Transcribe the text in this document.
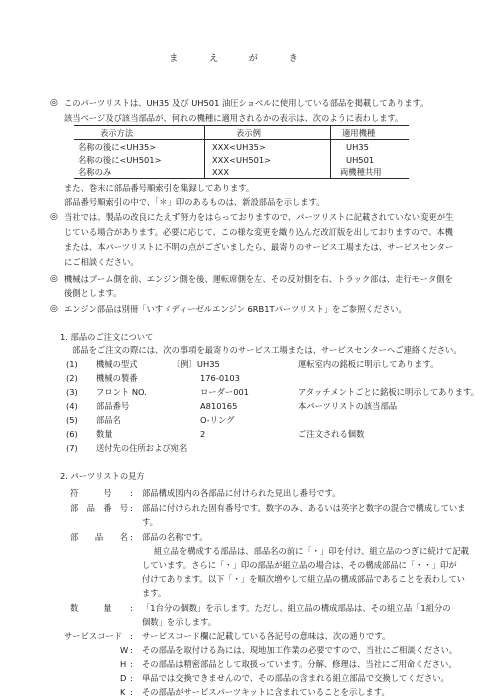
ま え が き
◎ このパーツリストは、UH35 及び UH501 油圧ショベルに使用している部品を掲載してあります。
該当ページ及び該当部品が、何れの機種に適用されるかの表示は、次のように表わします。
表示方法	表示例	適用機種
名称の後に<UH35>	XXX<UH35>	UH35
名称の後に<UH501>	XXX<UH501>	UH501
名称のみ	XXX	両機種共用
また、巻末に部品番号順索引を集録してあります。
部品番号順索引の中で、「＊」印のあるものは、新設部品を示します。
◎ 当社では、製品の改良にたえず努力をはらっておりますので、パーツリストに記載されていない変更が生
じている場合があります。必要に応じて、この様な変更を織り込んだ改訂版を出しておりますので、本機
または、本パーツリストに不明の点がございましたら、最寄りのサービス工場または、サービスセンター
にご相談ください。
◎ 機械はブーム側を前、エンジン側を後、運転席側を左、その反対側を右、トラック部は、走行モータ側を
後側とします。
◎ エンジン部品は別冊「いすゞディーゼルエンジン 6RB1Tパーツリスト」をご参照ください。
1. 部品のご注文について
部品をご注文の際には、次の事項を最寄りのサービス工場または、サービスセンターへご連絡ください。
(1) 機械の型式	〔例〕UH35	運転室内の銘板に明示してあります。
(2) 機械の製番	176-0103
(3) フロント NO.	ローダー001	アタッチメントごとに銘板に明示してあります。
(4) 部品番号	A810165	本パーツリストの該当部品
(5) 部品名	O-リング
(6) 数量	2	ご注文される個数
(7) 送付先の住所および宛名
2. パーツリストの見方
符　　　号 : 部品構成図内の各部品に付けられた見出し番号です。
部　品　番　号 : 部品に付けられた固有番号です。数字のみ、あるいは英字と数字の混合で構成していま
す。
部　　品　　名 : 部品の名称です。
組立品を構成する部品は、部品名の前に「・」印を付け、組立品のつぎに続けて記載
しています。さらに「・」印の部品が組立品の場合は、その構成部品に「・・」印が
付けてあります。以下「・」を順次増やして組立品の構成部品であることを表わしてい
ます。
数　　　量 : 「1台分の個数」を示します。ただし、組立品の構成部品は、その組立品「1組分の
個数」を示します。
サービスコード : サービスコード欄に記載している各記号の意味は、次の通りです。
W : その部品を取付ける為には、現地加工作業の必要ですので、当社にご相談ください。
H : その部品は精密部品として取扱っています。分解、修理は、当社にご用命ください。
D : 単品では交換できませんので、その部品の含まれる組立部品で交換してください。
K : その部品がサービスパーツキットに含まれていることを示します。
